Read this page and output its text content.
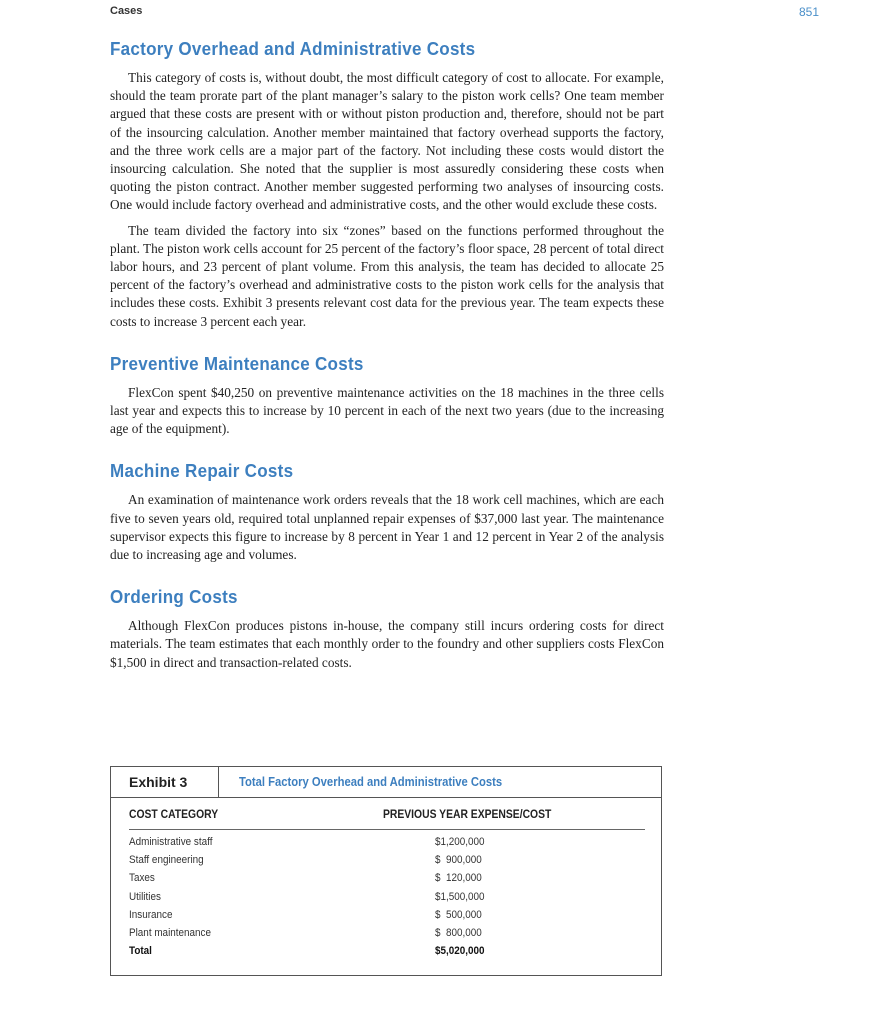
Cases	851
Factory Overhead and Administrative Costs

This category of costs is, without doubt, the most difficult category of cost to allocate. For example, should the team prorate part of the plant manager’s salary to the piston work cells? One team member argued that these costs are present with or without piston production and, therefore, should not be part of the insourcing calculation. Another member maintained that factory overhead supports the factory, and the three work cells are a major part of the factory. Not including these costs would distort the insourcing calculation. She noted that the supplier is most assuredly considering these costs when quoting the piston contract. Another member suggested performing two analyses of insourcing costs. One would include factory overhead and administrative costs, and the other would exclude these costs.

The team divided the factory into six “zones” based on the functions performed throughout the plant. The piston work cells account for 25 percent of the factory’s floor space, 28 percent of total direct labor hours, and 23 percent of plant volume. From this analysis, the team has decided to allocate 25 percent of the factory’s overhead and administrative costs to the piston work cells for the analysis that includes these costs. Exhibit 3 presents relevant cost data for the previous year. The team expects these costs to increase 3 percent each year.

Preventive Maintenance Costs

FlexCon spent $40,250 on preventive maintenance activities on the 18 machines in the three cells last year and expects this to increase by 10 percent in each of the next two years (due to the increasing age of the equipment).

Machine Repair Costs

An examination of maintenance work orders reveals that the 18 work cell machines, which are each five to seven years old, required total unplanned repair expenses of $37,000 last year. The maintenance supervisor expects this figure to increase by 8 percent in Year 1 and 12 percent in Year 2 of the analysis due to increasing age and volumes.

Ordering Costs

Although FlexCon produces pistons in-house, the company still incurs ordering costs for direct materials. The team estimates that each monthly order to the foundry and other suppliers costs FlexCon $1,500 in direct and transaction-related costs.

Exhibit 3	Total Factory Overhead and Administrative Costs
COST CATEGORY	PREVIOUS YEAR EXPENSE/COST
Administrative staff	$1,200,000
Staff engineering	$  900,000
Taxes	$  120,000
Utilities	$1,500,000
Insurance	$  500,000
Plant maintenance	$  800,000
Total	$5,020,000
